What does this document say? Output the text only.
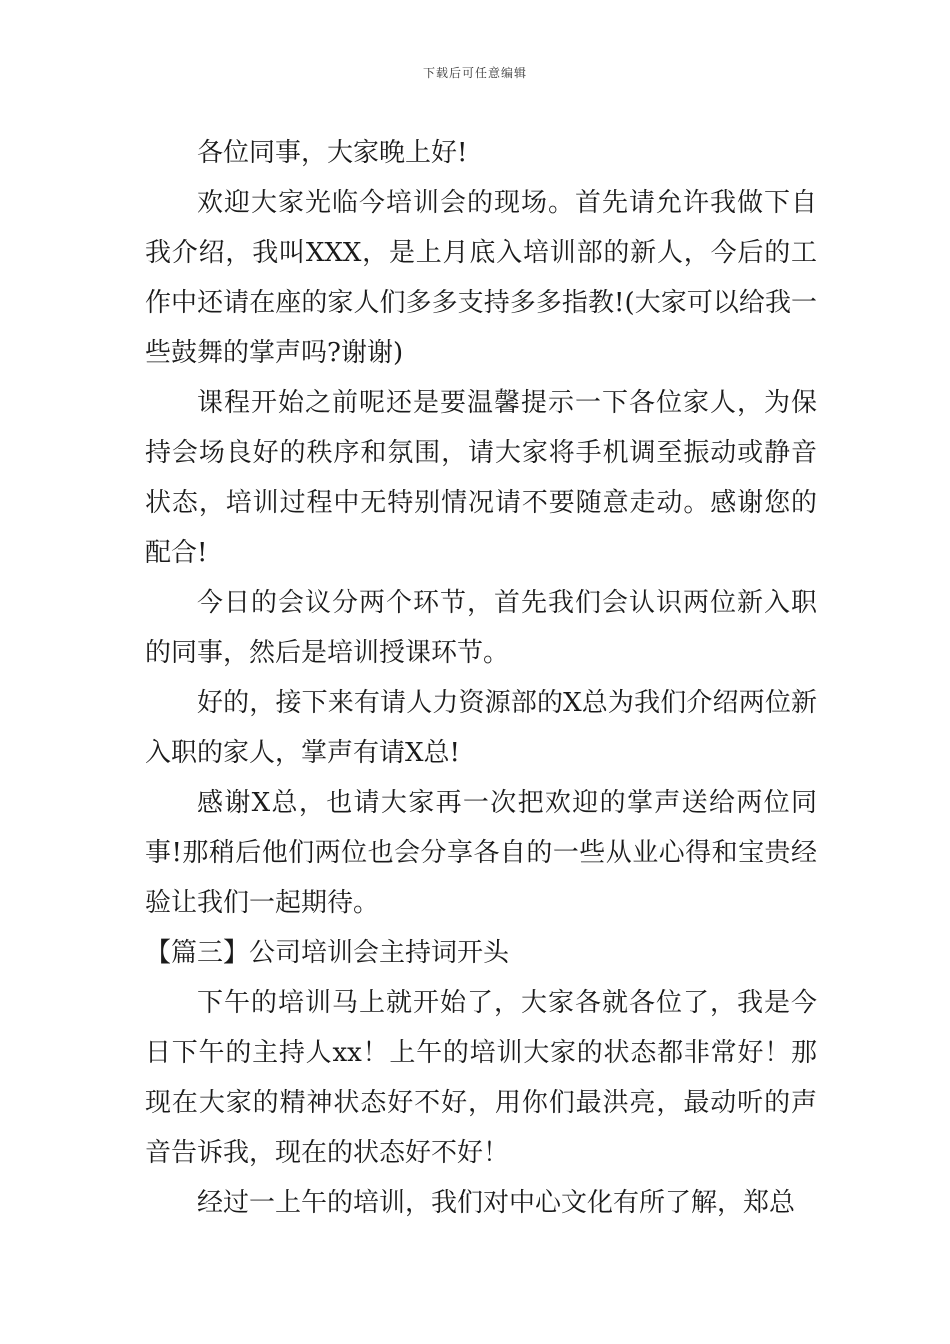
下载后可任意编辑

各位同事，大家晚上好!

欢迎大家光临今培训会的现场。首先请允许我做下自我介绍，我叫XXX，是上月底入培训部的新人，今后的工作中还请在座的家人们多多支持多多指教!(大家可以给我一些鼓舞的掌声吗?谢谢)

课程开始之前呢还是要温馨提示一下各位家人，为保持会场良好的秩序和氛围，请大家将手机调至振动或静音状态，培训过程中无特别情况请不要随意走动。感谢您的配合!

今日的会议分两个环节，首先我们会认识两位新入职的同事，然后是培训授课环节。

好的，接下来有请人力资源部的X总为我们介绍两位新入职的家人，掌声有请X总!

感谢X总，也请大家再一次把欢迎的掌声送给两位同事!那稍后他们两位也会分享各自的一些从业心得和宝贵经验让我们一起期待。

【篇三】公司培训会主持词开头

下午的培训马上就开始了，大家各就各位了，我是今日下午的主持人xx！上午的培训大家的状态都非常好！那现在大家的精神状态好不好，用你们最洪亮，最动听的声音告诉我，现在的状态好不好！

经过一上午的培训，我们对中心文化有所了解，郑总
